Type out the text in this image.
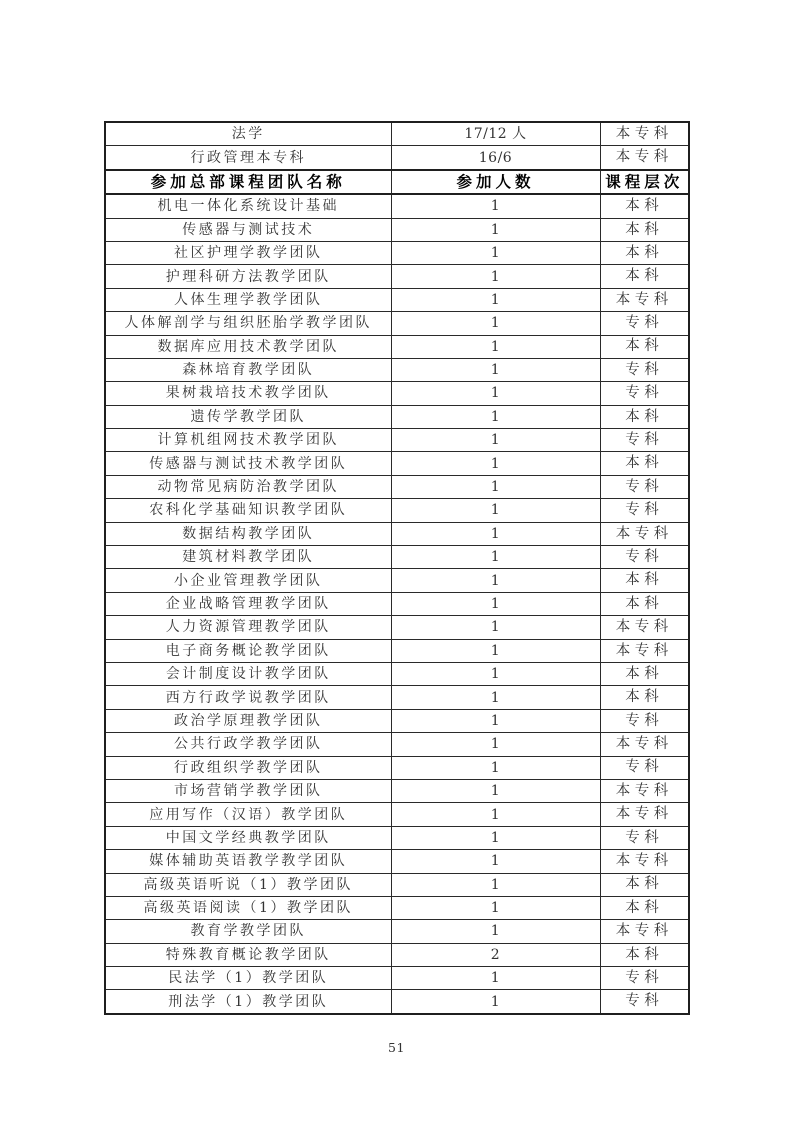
法学	17/12 人	本专科
行政管理本专科	16/6	本专科
参加总部课程团队名称	参加人数	课程层次
机电一体化系统设计基础	1	本科
传感器与测试技术	1	本科
社区护理学教学团队	1	本科
护理科研方法教学团队	1	本科
人体生理学教学团队	1	本专科
人体解剖学与组织胚胎学教学团队	1	专科
数据库应用技术教学团队	1	本科
森林培育教学团队	1	专科
果树栽培技术教学团队	1	专科
遗传学教学团队	1	本科
计算机组网技术教学团队	1	专科
传感器与测试技术教学团队	1	本科
动物常见病防治教学团队	1	专科
农科化学基础知识教学团队	1	专科
数据结构教学团队	1	本专科
建筑材料教学团队	1	专科
小企业管理教学团队	1	本科
企业战略管理教学团队	1	本科
人力资源管理教学团队	1	本专科
电子商务概论教学团队	1	本专科
会计制度设计教学团队	1	本科
西方行政学说教学团队	1	本科
政治学原理教学团队	1	专科
公共行政学教学团队	1	本专科
行政组织学教学团队	1	专科
市场营销学教学团队	1	本专科
应用写作（汉语）教学团队	1	本专科
中国文学经典教学团队	1	专科
媒体辅助英语教学教学团队	1	本专科
高级英语听说（1）教学团队	1	本科
高级英语阅读（1）教学团队	1	本科
教育学教学团队	1	本专科
特殊教育概论教学团队	2	本科
民法学（1）教学团队	1	专科
刑法学（1）教学团队	1	专科
51
